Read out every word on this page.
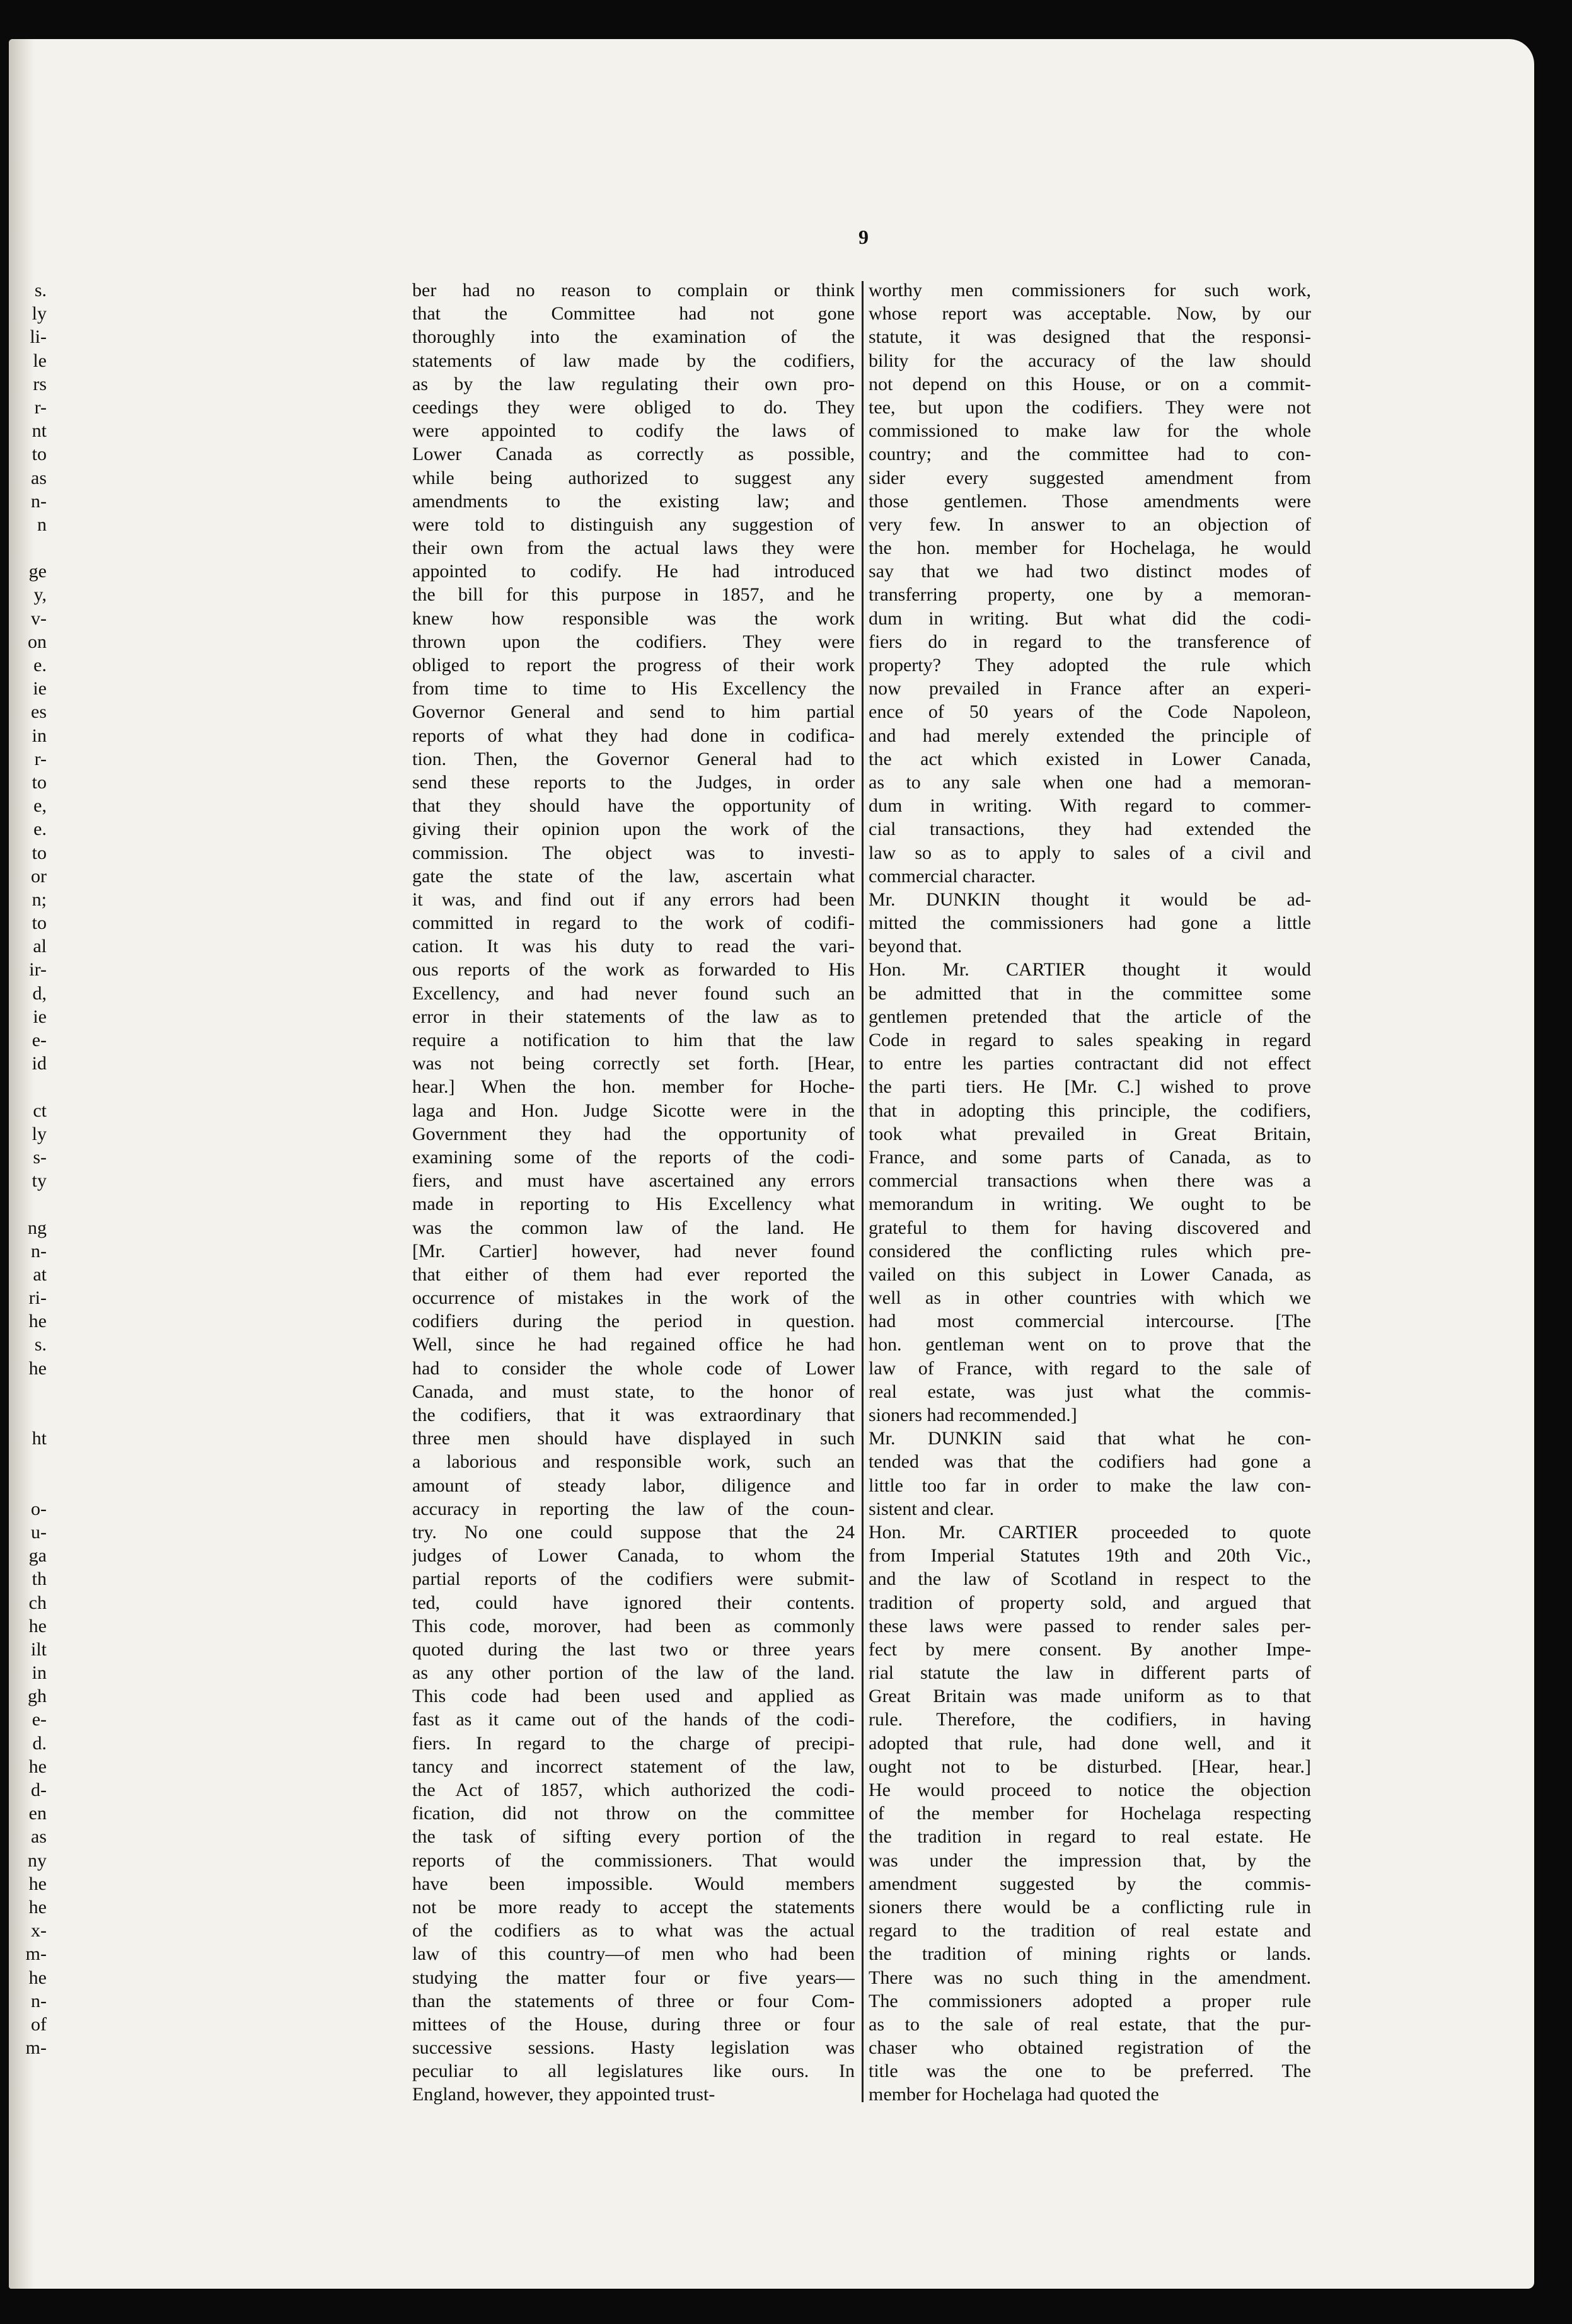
s.
ly
li-
le
rs
r-
nt
to
as
n-
n
ge
y,
v-
on
e.
ie
es
in
r-
to
e,
e.
to
or
n;
to
al
ir-
d,
ie
e-
id
ct
ly
s-
ty
ng
n-
at
ri-
he
s.
he
ht
o-
u-
ga
th
ch
he
ilt
in
gh
e-
d.
he
d-
en
as
ny
he
he
x-
m-
he
n-
of
m-
9
ber had no reason to complain or think
that the Committee had not gone
thoroughly into the examination of the
statements of law made by the codifiers,
as by the law regulating their own pro-
ceedings they were obliged to do. They
were appointed to codify the laws of
Lower Canada as correctly as possible,
while being authorized to suggest any
amendments to the existing law; and
were told to distinguish any suggestion of
their own from the actual laws they were
appointed to codify. He had introduced
the bill for this purpose in 1857, and he
knew how responsible was the work
thrown upon the codifiers. They were
obliged to report the progress of their work
from time to time to His Excellency the
Governor General and send to him partial
reports of what they had done in codifica-
tion. Then, the Governor General had to
send these reports to the Judges, in order
that they should have the opportunity of
giving their opinion upon the work of the
commission. The object was to investi-
gate the state of the law, ascertain what
it was, and find out if any errors had been
committed in regard to the work of codifi-
cation. It was his duty to read the vari-
ous reports of the work as forwarded to His
Excellency, and had never found such an
error in their statements of the law as to
require a notification to him that the law
was not being correctly set forth. [Hear,
hear.] When the hon. member for Hoche-
laga and Hon. Judge Sicotte were in the
Government they had the opportunity of
examining some of the reports of the codi-
fiers, and must have ascertained any errors
made in reporting to His Excellency what
was the common law of the land. He
[Mr. Cartier] however, had never found
that either of them had ever reported the
occurrence of mistakes in the work of the
codifiers during the period in question.
Well, since he had regained office he had
had to consider the whole code of Lower
Canada, and must state, to the honor of
the codifiers, that it was extraordinary that
three men should have displayed in such
a laborious and responsible work, such an
amount of steady labor, diligence and
accuracy in reporting the law of the coun-
try. No one could suppose that the 24
judges of Lower Canada, to whom the
partial reports of the codifiers were submit-
ted, could have ignored their contents.
This code, morover, had been as commonly
quoted during the last two or three years
as any other portion of the law of the land.
This code had been used and applied as
fast as it came out of the hands of the codi-
fiers. In regard to the charge of precipi-
tancy and incorrect statement of the law,
the Act of 1857, which authorized the codi-
fication, did not throw on the committee
the task of sifting every portion of the
reports of the commissioners. That would
have been impossible. Would members
not be more ready to accept the statements
of the codifiers as to what was the actual
law of this country—of men who had been
studying the matter four or five years—
than the statements of three or four Com-
mittees of the House, during three or four
successive sessions. Hasty legislation was
peculiar to all legislatures like ours. In
England, however, they appointed trust-
worthy men commissioners for such work,
whose report was acceptable. Now, by our
statute, it was designed that the responsi-
bility for the accuracy of the law should
not depend on this House, or on a commit-
tee, but upon the codifiers. They were not
commissioned to make law for the whole
country; and the committee had to con-
sider every suggested amendment from
those gentlemen. Those amendments were
very few. In answer to an objection of
the hon. member for Hochelaga, he would
say that we had two distinct modes of
transferring property, one by a memoran-
dum in writing. But what did the codi-
fiers do in regard to the transference of
property? They adopted the rule which
now prevailed in France after an experi-
ence of 50 years of the Code Napoleon,
and had merely extended the principle of
the act which existed in Lower Canada,
as to any sale when one had a memoran-
dum in writing. With regard to commer-
cial transactions, they had extended the
law so as to apply to sales of a civil and
commercial character.
Mr. DUNKIN thought it would be ad-
mitted the commissioners had gone a little
beyond that.
Hon. Mr. CARTIER thought it would
be admitted that in the committee some
gentlemen pretended that the article of the
Code in regard to sales speaking in regard
to entre les parties contractant did not effect
the parti tiers. He [Mr. C.] wished to prove
that in adopting this principle, the codifiers,
took what prevailed in Great Britain,
France, and some parts of Canada, as to
commercial transactions when there was a
memorandum in writing. We ought to be
grateful to them for having discovered and
considered the conflicting rules which pre-
vailed on this subject in Lower Canada, as
well as in other countries with which we
had most commercial intercourse. [The
hon. gentleman went on to prove that the
law of France, with regard to the sale of
real estate, was just what the commis-
sioners had recommended.]
Mr. DUNKIN said that what he con-
tended was that the codifiers had gone a
little too far in order to make the law con-
sistent and clear.
Hon. Mr. CARTIER proceeded to quote
from Imperial Statutes 19th and 20th Vic.,
and the law of Scotland in respect to the
tradition of property sold, and argued that
these laws were passed to render sales per-
fect by mere consent. By another Impe-
rial statute the law in different parts of
Great Britain was made uniform as to that
rule. Therefore, the codifiers, in having
adopted that rule, had done well, and it
ought not to be disturbed. [Hear, hear.]
He would proceed to notice the objection
of the member for Hochelaga respecting
the tradition in regard to real estate. He
was under the impression that, by the
amendment suggested by the commis-
sioners there would be a conflicting rule in
regard to the tradition of real estate and
the tradition of mining rights or lands.
There was no such thing in the amendment.
The commissioners adopted a proper rule
as to the sale of real estate, that the pur-
chaser who obtained registration of the
title was the one to be preferred. The
member for Hochelaga had quoted the
